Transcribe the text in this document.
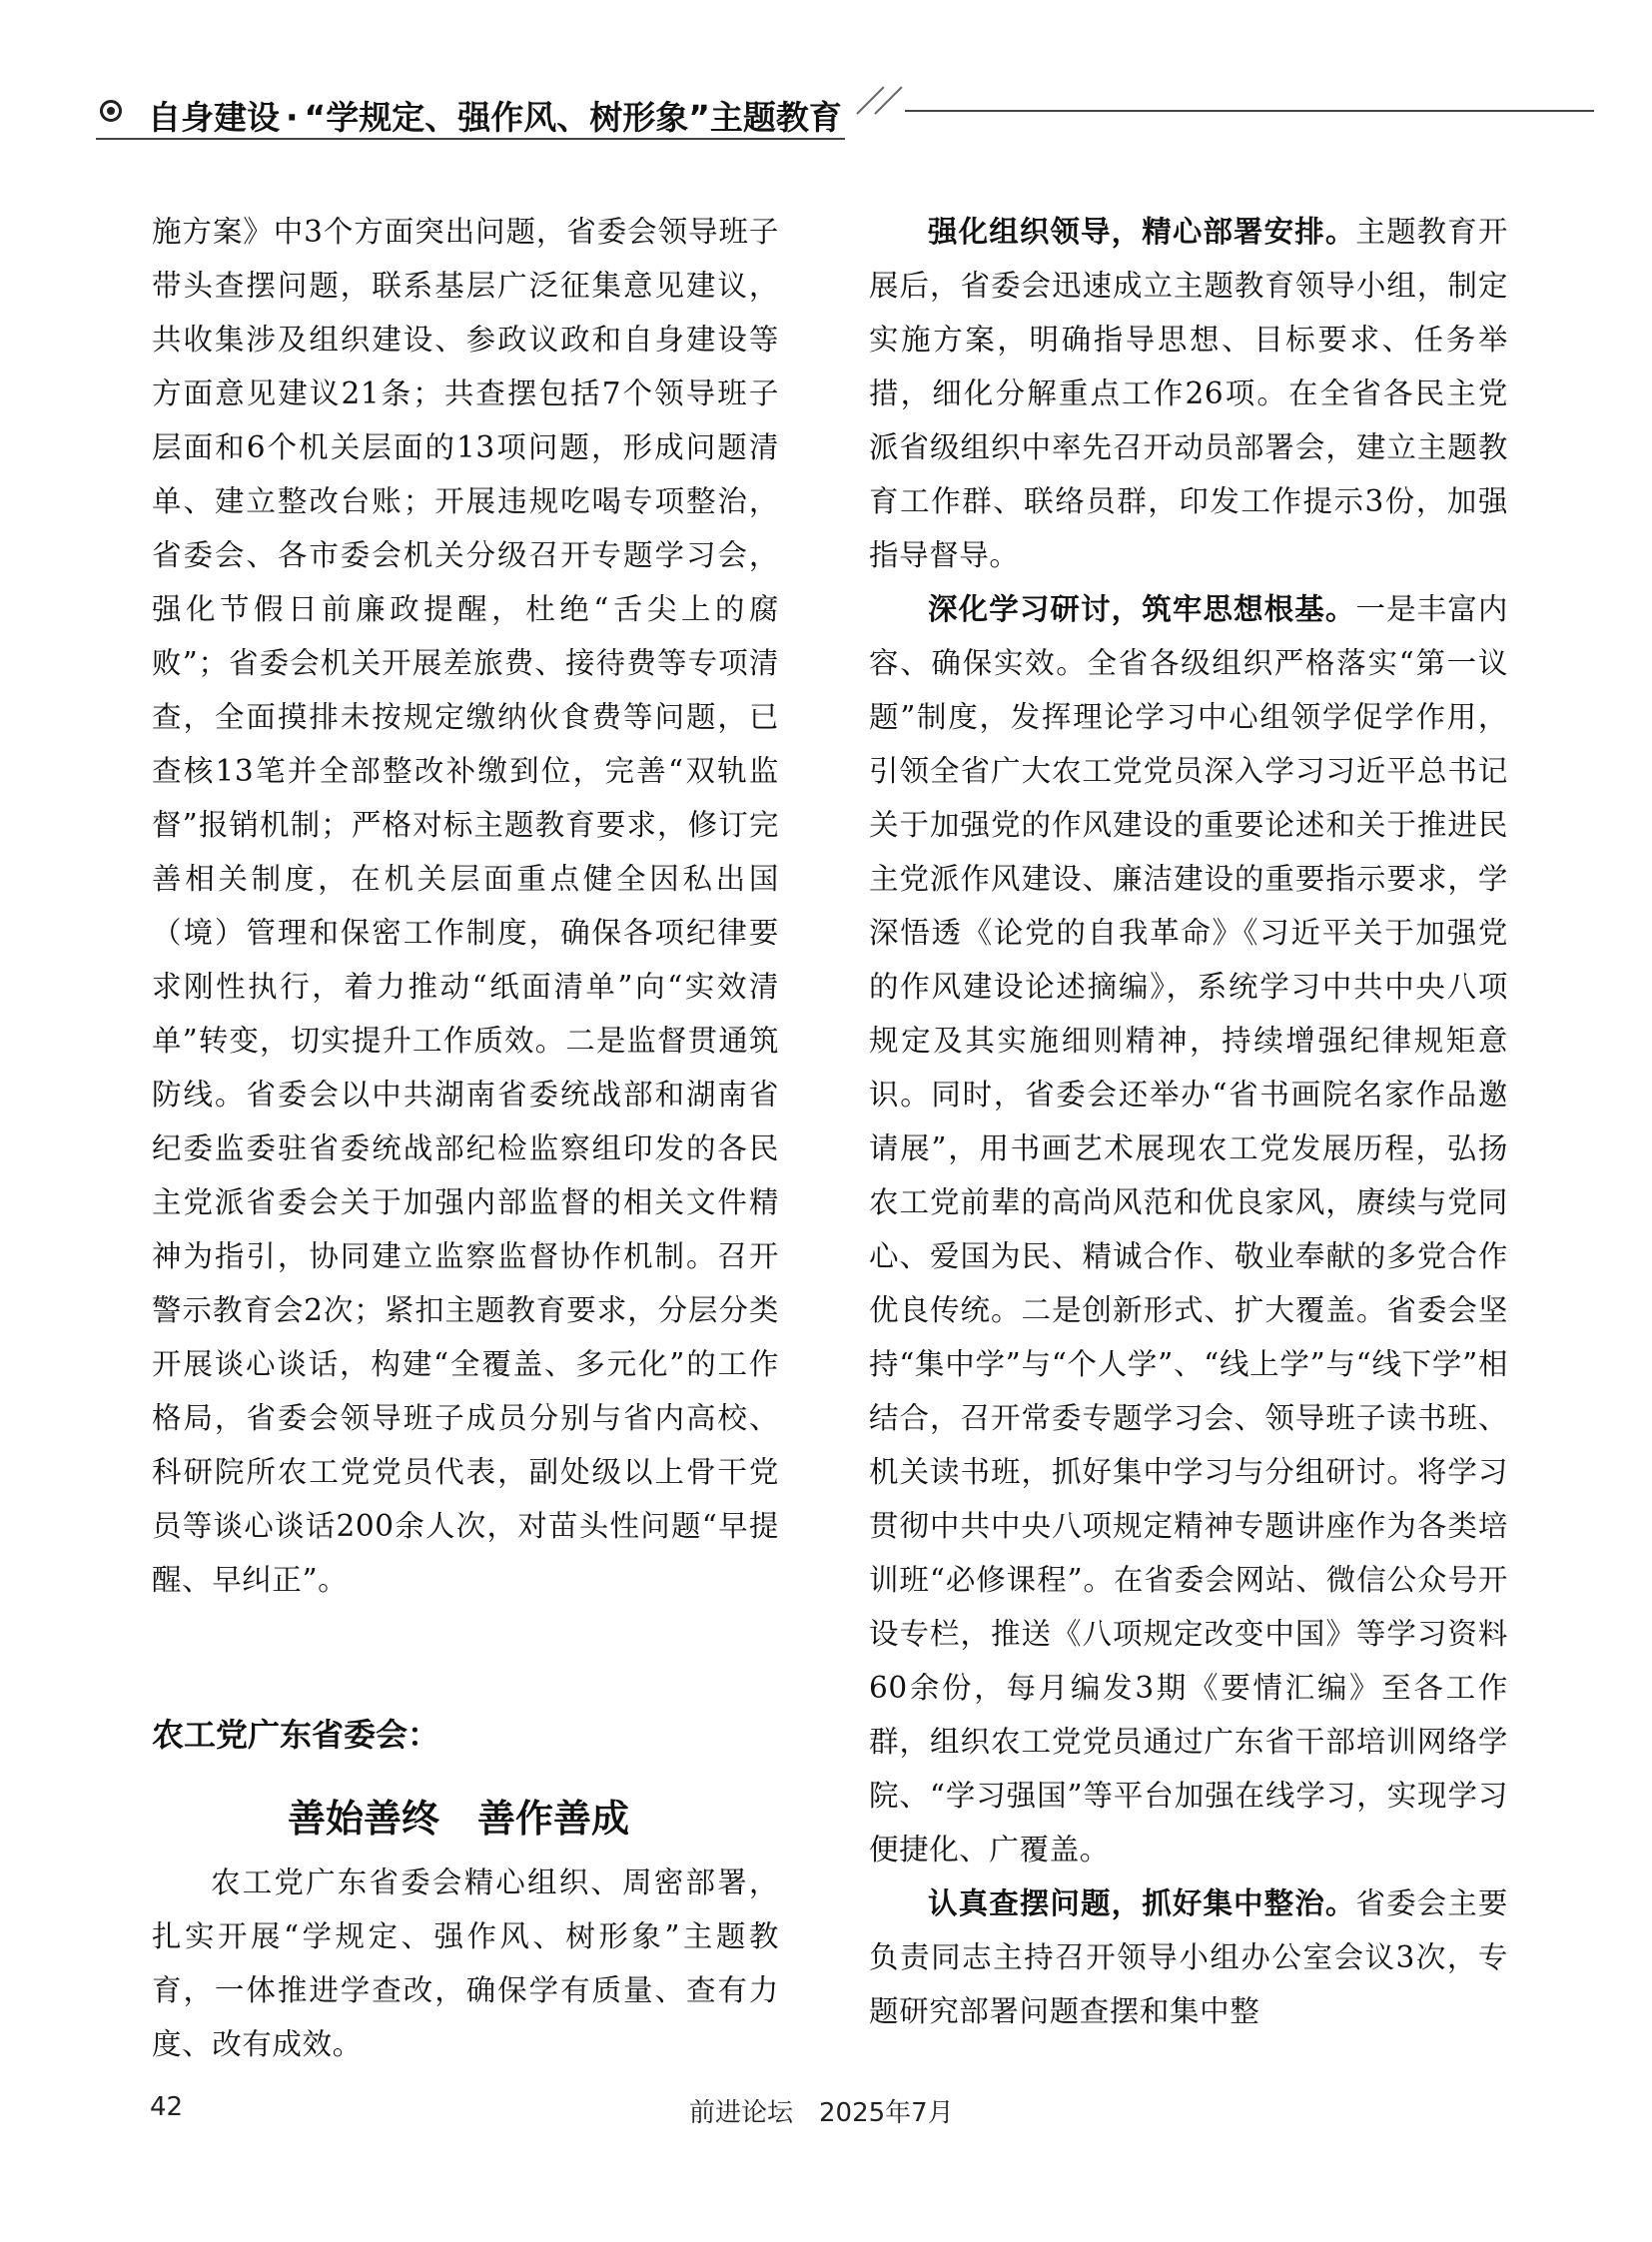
自身建设 · “学规定、强作风、树形象”主题教育

施方案》中3个方面突出问题，省委会领导班子带头查摆问题，联系基层广泛征集意见建议，共收集涉及组织建设、参政议政和自身建设等方面意见建议21条；共查摆包括7个领导班子层面和6个机关层面的13项问题，形成问题清单、建立整改台账；开展违规吃喝专项整治，省委会、各市委会机关分级召开专题学习会，强化节假日前廉政提醒，杜绝“舌尖上的腐败”；省委会机关开展差旅费、接待费等专项清查，全面摸排未按规定缴纳伙食费等问题，已查核13笔并全部整改补缴到位，完善“双轨监督”报销机制；严格对标主题教育要求，修订完善相关制度，在机关层面重点健全因私出国（境）管理和保密工作制度，确保各项纪律要求刚性执行，着力推动“纸面清单”向“实效清单”转变，切实提升工作质效。二是监督贯通筑防线。省委会以中共湖南省委统战部和湖南省纪委监委驻省委统战部纪检监察组印发的各民主党派省委会关于加强内部监督的相关文件精神为指引，协同建立监察监督协作机制。召开警示教育会2次；紧扣主题教育要求，分层分类开展谈心谈话，构建“全覆盖、多元化”的工作格局，省委会领导班子成员分别与省内高校、科研院所农工党党员代表，副处级以上骨干党员等谈心谈话200余人次，对苗头性问题“早提醒、早纠正”。

农工党广东省委会：
善始善终　善作善成

农工党广东省委会精心组织、周密部署，扎实开展“学规定、强作风、树形象”主题教育，一体推进学查改，确保学有质量、查有力度、改有成效。

强化组织领导，精心部署安排。主题教育开展后，省委会迅速成立主题教育领导小组，制定实施方案，明确指导思想、目标要求、任务举措，细化分解重点工作26项。在全省各民主党派省级组织中率先召开动员部署会，建立主题教育工作群、联络员群，印发工作提示3份，加强指导督导。

深化学习研讨，筑牢思想根基。一是丰富内容、确保实效。全省各级组织严格落实“第一议题”制度，发挥理论学习中心组领学促学作用，引领全省广大农工党党员深入学习习近平总书记关于加强党的作风建设的重要论述和关于推进民主党派作风建设、廉洁建设的重要指示要求，学深悟透《论党的自我革命》《习近平关于加强党的作风建设论述摘编》，系统学习中共中央八项规定及其实施细则精神，持续增强纪律规矩意识。同时，省委会还举办“省书画院名家作品邀请展”，用书画艺术展现农工党发展历程，弘扬农工党前辈的高尚风范和优良家风，赓续与党同心、爱国为民、精诚合作、敬业奉献的多党合作优良传统。二是创新形式、扩大覆盖。省委会坚持“集中学”与“个人学”、“线上学”与“线下学”相结合，召开常委专题学习会、领导班子读书班、机关读书班，抓好集中学习与分组研讨。将学习贯彻中共中央八项规定精神专题讲座作为各类培训班“必修课程”。在省委会网站、微信公众号开设专栏，推送《八项规定改变中国》等学习资料60余份，每月编发3期《要情汇编》至各工作群，组织农工党党员通过广东省干部培训网络学院、“学习强国”等平台加强在线学习，实现学习便捷化、广覆盖。

认真查摆问题，抓好集中整治。省委会主要负责同志主持召开领导小组办公室会议3次，专题研究部署问题查摆和集中整

42	前进论坛 2025年7月
